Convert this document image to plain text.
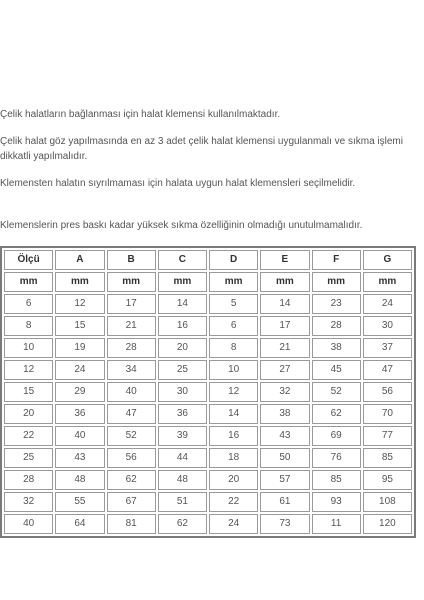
Çelik halatların bağlanması için halat klemensi kullanılmaktadır.

Çelik halat göz yapılmasında en az 3 adet çelik halat klemensi uygulanmalı ve sıkma işlemi dikkatli yapılmalıdır.

Klemensten halatın sıyrılmaması için halata uygun halat klemensleri seçilmelidir.

Klemenslerin pres baskı kadar yüksek sıkma özelliğinin olmadığı unutulmamalıdır.

Ölçü	A	B	C	D	E	F	G
mm	mm	mm	mm	mm	mm	mm	mm
6	12	17	14	5	14	23	24
8	15	21	16	6	17	28	30
10	19	28	20	8	21	38	37
12	24	34	25	10	27	45	47
15	29	40	30	12	32	52	56
20	36	47	36	14	38	62	70
22	40	52	39	16	43	69	77
25	43	56	44	18	50	76	85
28	48	62	48	20	57	85	95
32	55	67	51	22	61	93	108
40	64	81	62	24	73	11	120
